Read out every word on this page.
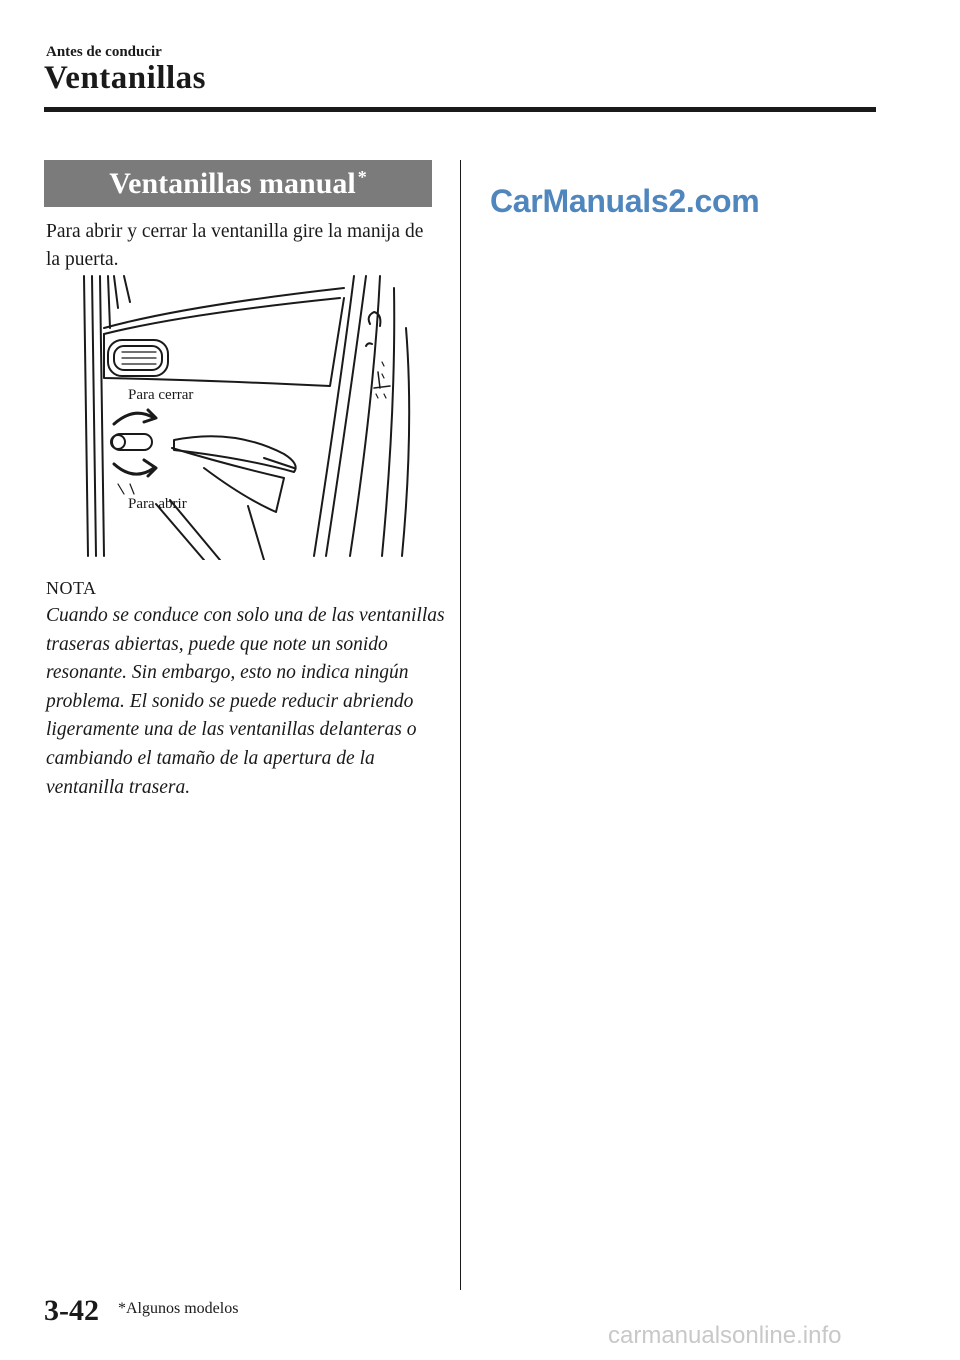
Antes de conducir
Ventanillas
Ventanillas manual *
Para abrir y cerrar la ventanilla gire la manija de la puerta.
Para cerrar
Para abrir
NOTA
Cuando se conduce con solo una de las ventanillas traseras abiertas, puede que note un sonido resonante. Sin embargo, esto no indica ningún problema. El sonido se puede reducir abriendo ligeramente una de las ventanillas delanteras o cambiando el tamaño de la apertura de la ventanilla trasera.
CarManuals2.com
3-42 *Algunos modelos
carmanualsonline.info
